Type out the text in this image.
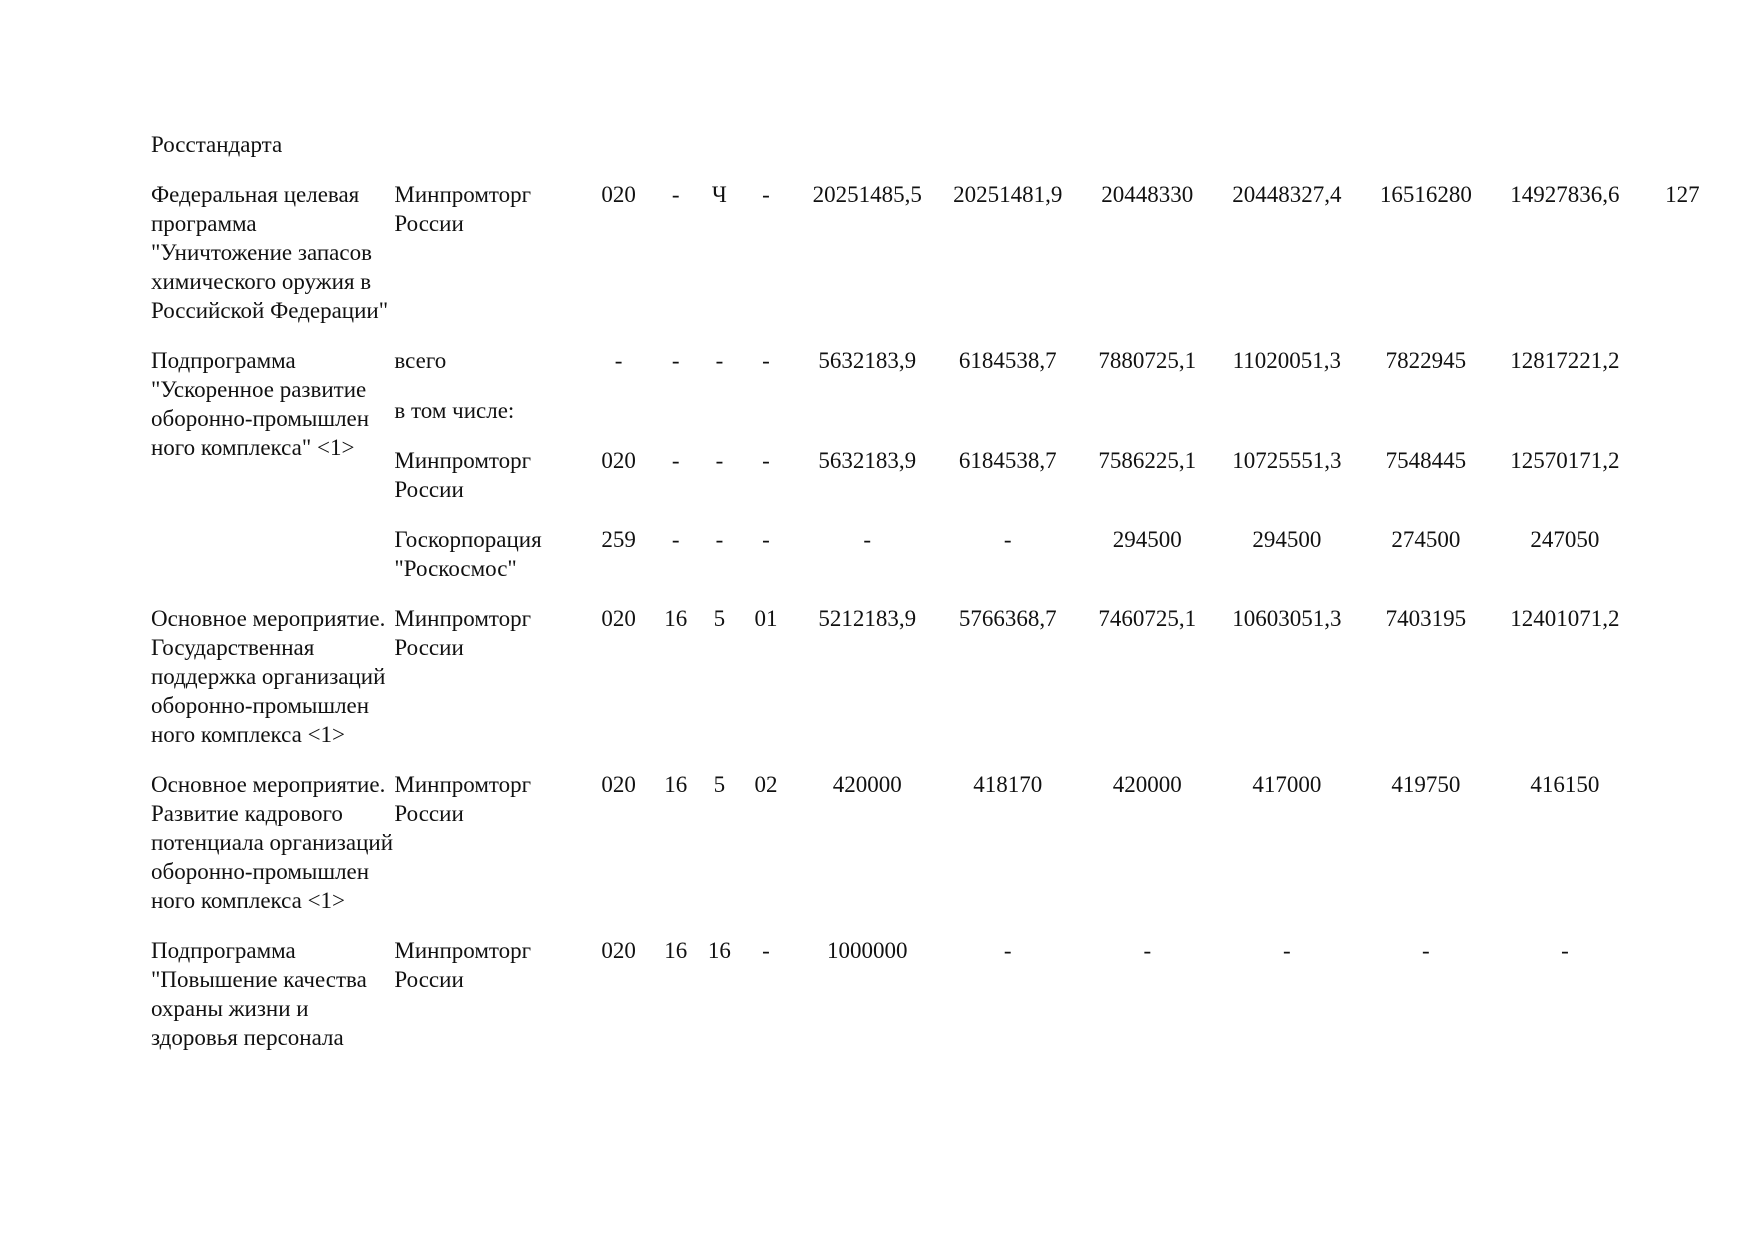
Росстандарта
Федеральная целевая программа "Уничтожение запасов химического оружия в Российской Федерации"	Минпромторг России	020	-	Ч	-	20251485,5	20251481,9	20448330	20448327,4	16516280	14927836,6	127
Подпрограмма "Ускоренное развитие оборонно-промышлен ного комплекса" <1>	всего	-	-	-	-	5632183,9	6184538,7	7880725,1	11020051,3	7822945	12817221,2	
	в том числе:											
	Минпромторг России	020	-	-	-	5632183,9	6184538,7	7586225,1	10725551,3	7548445	12570171,2	
	Госкорпорация "Роскосмос"	259	-	-	-	-	-	294500	294500	274500	247050	
Основное мероприятие. Государственная поддержка организаций оборонно-промышлен ного комплекса <1>	Минпромторг России	020	16	5	01	5212183,9	5766368,7	7460725,1	10603051,3	7403195	12401071,2	
Основное мероприятие. Развитие кадрового потенциала организаций оборонно-промышлен ного комплекса <1>	Минпромторг России	020	16	5	02	420000	418170	420000	417000	419750	416150	
Подпрограмма "Повышение качества охраны жизни и здоровья персонала	Минпромторг России	020	16	16	-	1000000	-	-	-	-	-	
